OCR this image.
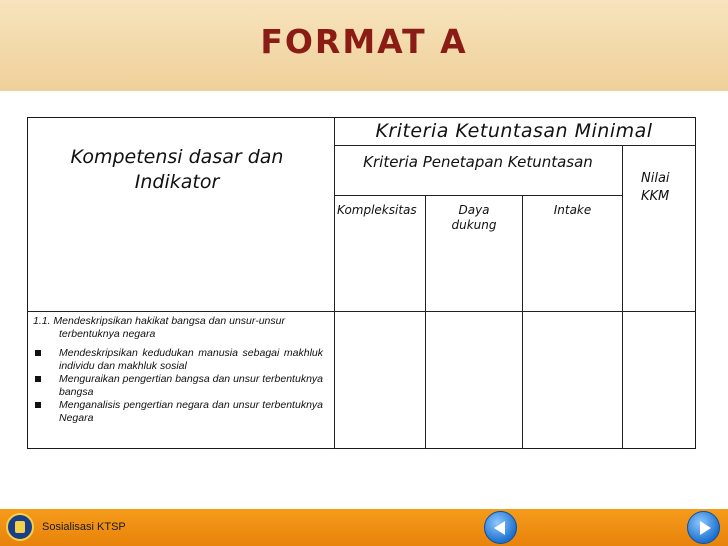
FORMAT A
Kompetensi dasar dan Indikator
Kriteria Ketuntasan Minimal
Kriteria Penetapan Ketuntasan
Nilai KKM
Kompleksitas	Daya dukung
Intake
1.1. Mendeskripsikan hakikat bangsa dan unsur-unsur
terbentuknya negara
Mendeskripsikan kedudukan manusia sebagai makhluk individu dan makhluk sosial
Menguraikan pengertian bangsa dan unsur terbentuknya bangsa
Menganalisis pengertian negara dan unsur terbentuknya Negara
Sosialisasi KTSP
